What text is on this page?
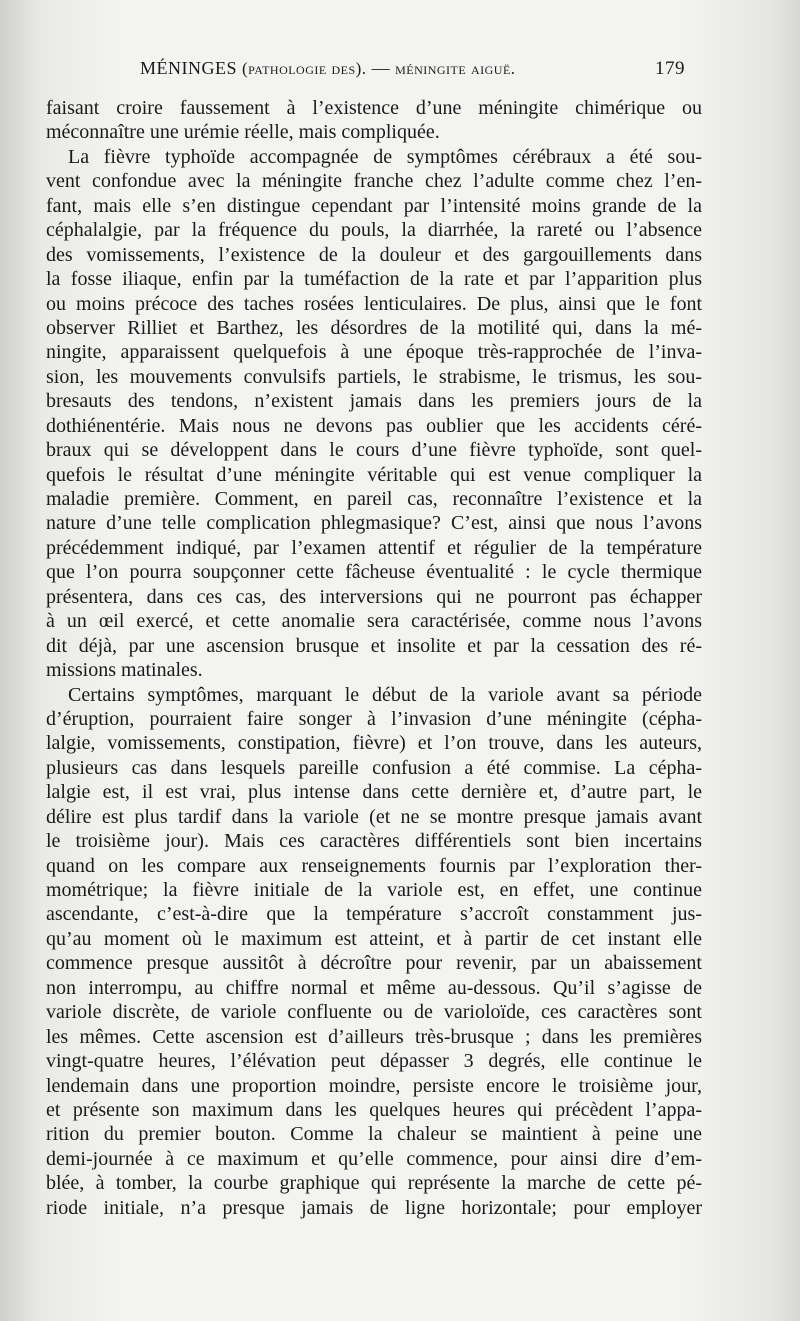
MÉNINGES (pathologie des). — méningite aiguë.	179
faisant croire faussement à l’existence d’une méningite chimérique ou
méconnaître une urémie réelle, mais compliquée.
La fièvre typhoïde accompagnée de symptômes cérébraux a été sou-
vent confondue avec la méningite franche chez l’adulte comme chez l’en-
fant, mais elle s’en distingue cependant par l’intensité moins grande de la
céphalalgie, par la fréquence du pouls, la diarrhée, la rareté ou l’absence
des vomissements, l’existence de la douleur et des gargouillements dans
la fosse iliaque, enfin par la tuméfaction de la rate et par l’apparition plus
ou moins précoce des taches rosées lenticulaires. De plus, ainsi que le font
observer Rilliet et Barthez, les désordres de la motilité qui, dans la mé-
ningite, apparaissent quelquefois à une époque très-rapprochée de l’inva-
sion, les mouvements convulsifs partiels, le strabisme, le trismus, les sou-
bresauts des tendons, n’existent jamais dans les premiers jours de la
dothiénentérie. Mais nous ne devons pas oublier que les accidents céré-
braux qui se développent dans le cours d’une fièvre typhoïde, sont quel-
quefois le résultat d’une méningite véritable qui est venue compliquer la
maladie première. Comment, en pareil cas, reconnaître l’existence et la
nature d’une telle complication phlegmasique? C’est, ainsi que nous l’avons
précédemment indiqué, par l’examen attentif et régulier de la température
que l’on pourra soupçonner cette fâcheuse éventualité : le cycle thermique
présentera, dans ces cas, des interversions qui ne pourront pas échapper
à un œil exercé, et cette anomalie sera caractérisée, comme nous l’avons
dit déjà, par une ascension brusque et insolite et par la cessation des ré-
missions matinales.
Certains symptômes, marquant le début de la variole avant sa période
d’éruption, pourraient faire songer à l’invasion d’une méningite (cépha-
lalgie, vomissements, constipation, fièvre) et l’on trouve, dans les auteurs,
plusieurs cas dans lesquels pareille confusion a été commise. La cépha-
lalgie est, il est vrai, plus intense dans cette dernière et, d’autre part, le
délire est plus tardif dans la variole (et ne se montre presque jamais avant
le troisième jour). Mais ces caractères différentiels sont bien incertains
quand on les compare aux renseignements fournis par l’exploration ther-
mométrique; la fièvre initiale de la variole est, en effet, une continue
ascendante, c’est-à-dire que la température s’accroît constamment jus-
qu’au moment où le maximum est atteint, et à partir de cet instant elle
commence presque aussitôt à décroître pour revenir, par un abaissement
non interrompu, au chiffre normal et même au-dessous. Qu’il s’agisse de
variole discrète, de variole confluente ou de varioloïde, ces caractères sont
les mêmes. Cette ascension est d’ailleurs très-brusque ; dans les premières
vingt-quatre heures, l’élévation peut dépasser 3 degrés, elle continue le
lendemain dans une proportion moindre, persiste encore le troisième jour,
et présente son maximum dans les quelques heures qui précèdent l’appa-
rition du premier bouton. Comme la chaleur se maintient à peine une
demi-journée à ce maximum et qu’elle commence, pour ainsi dire d’em-
blée, à tomber, la courbe graphique qui représente la marche de cette pé-
riode initiale, n’a presque jamais de ligne horizontale; pour employer
